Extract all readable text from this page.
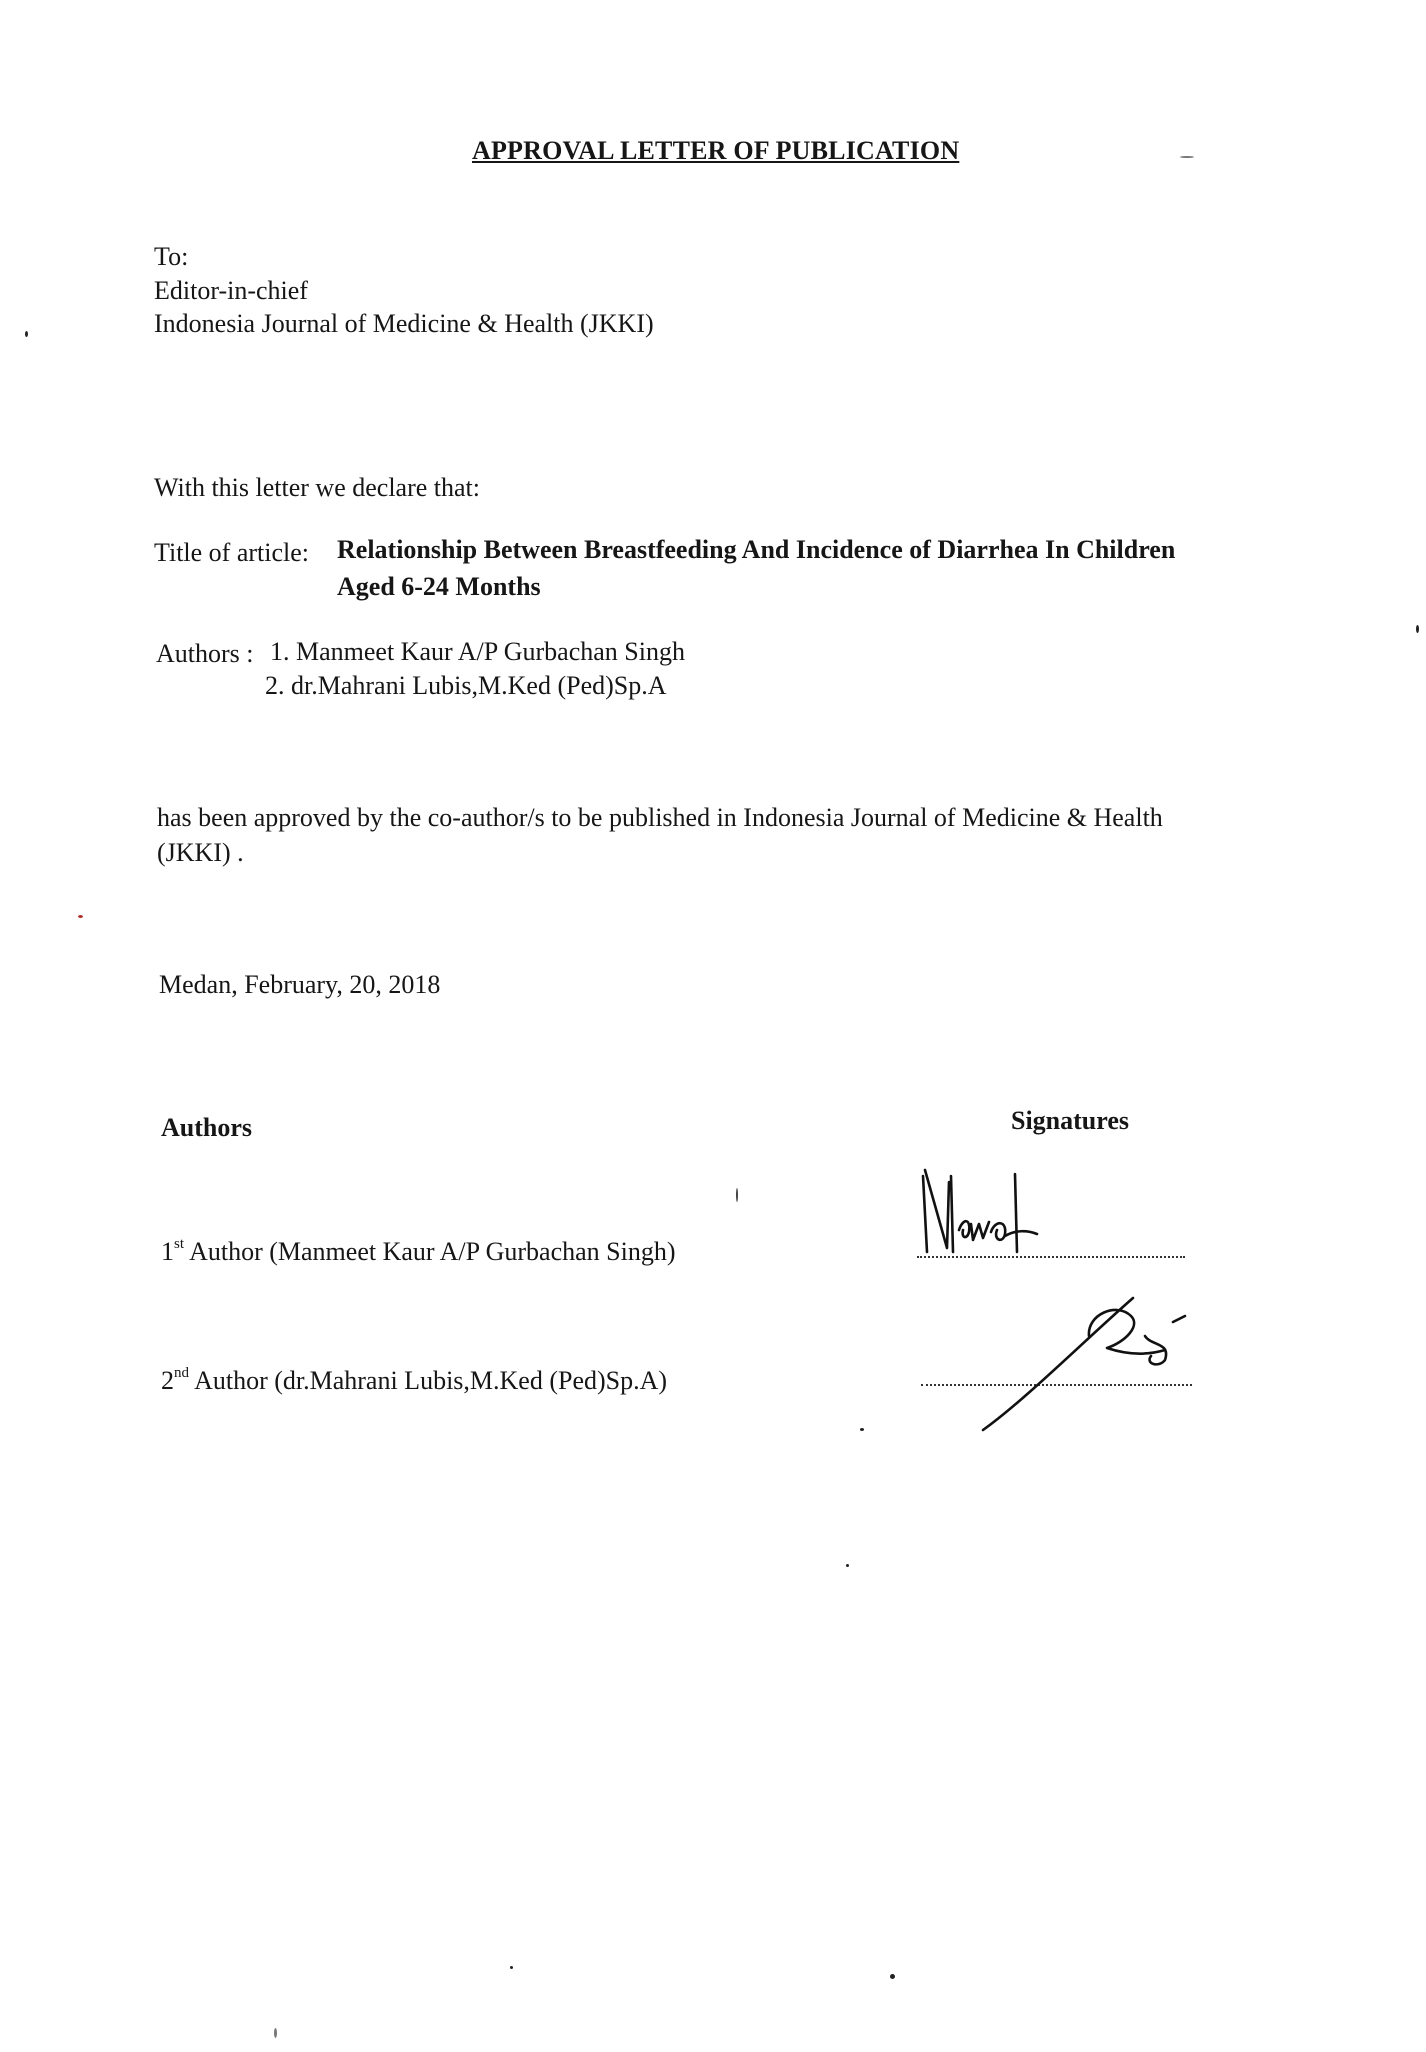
APPROVAL LETTER OF PUBLICATION
To:
Editor-in-chief
Indonesia Journal of Medicine & Health (JKKI)
With this letter we declare that:
Title of article: Relationship Between Breastfeeding And Incidence of Diarrhea In Children
Aged 6-24 Months
Authors : 1. Manmeet Kaur A/P Gurbachan Singh
2. dr.Mahrani Lubis,M.Ked (Ped)Sp.A
has been approved by the co-author/s to be published in Indonesia Journal of Medicine & Health
(JKKI) .
Medan, February, 20, 2018
Authors	Signatures
1st Author (Manmeet Kaur A/P Gurbachan Singh)
2nd Author (dr.Mahrani Lubis,M.Ked (Ped)Sp.A)
